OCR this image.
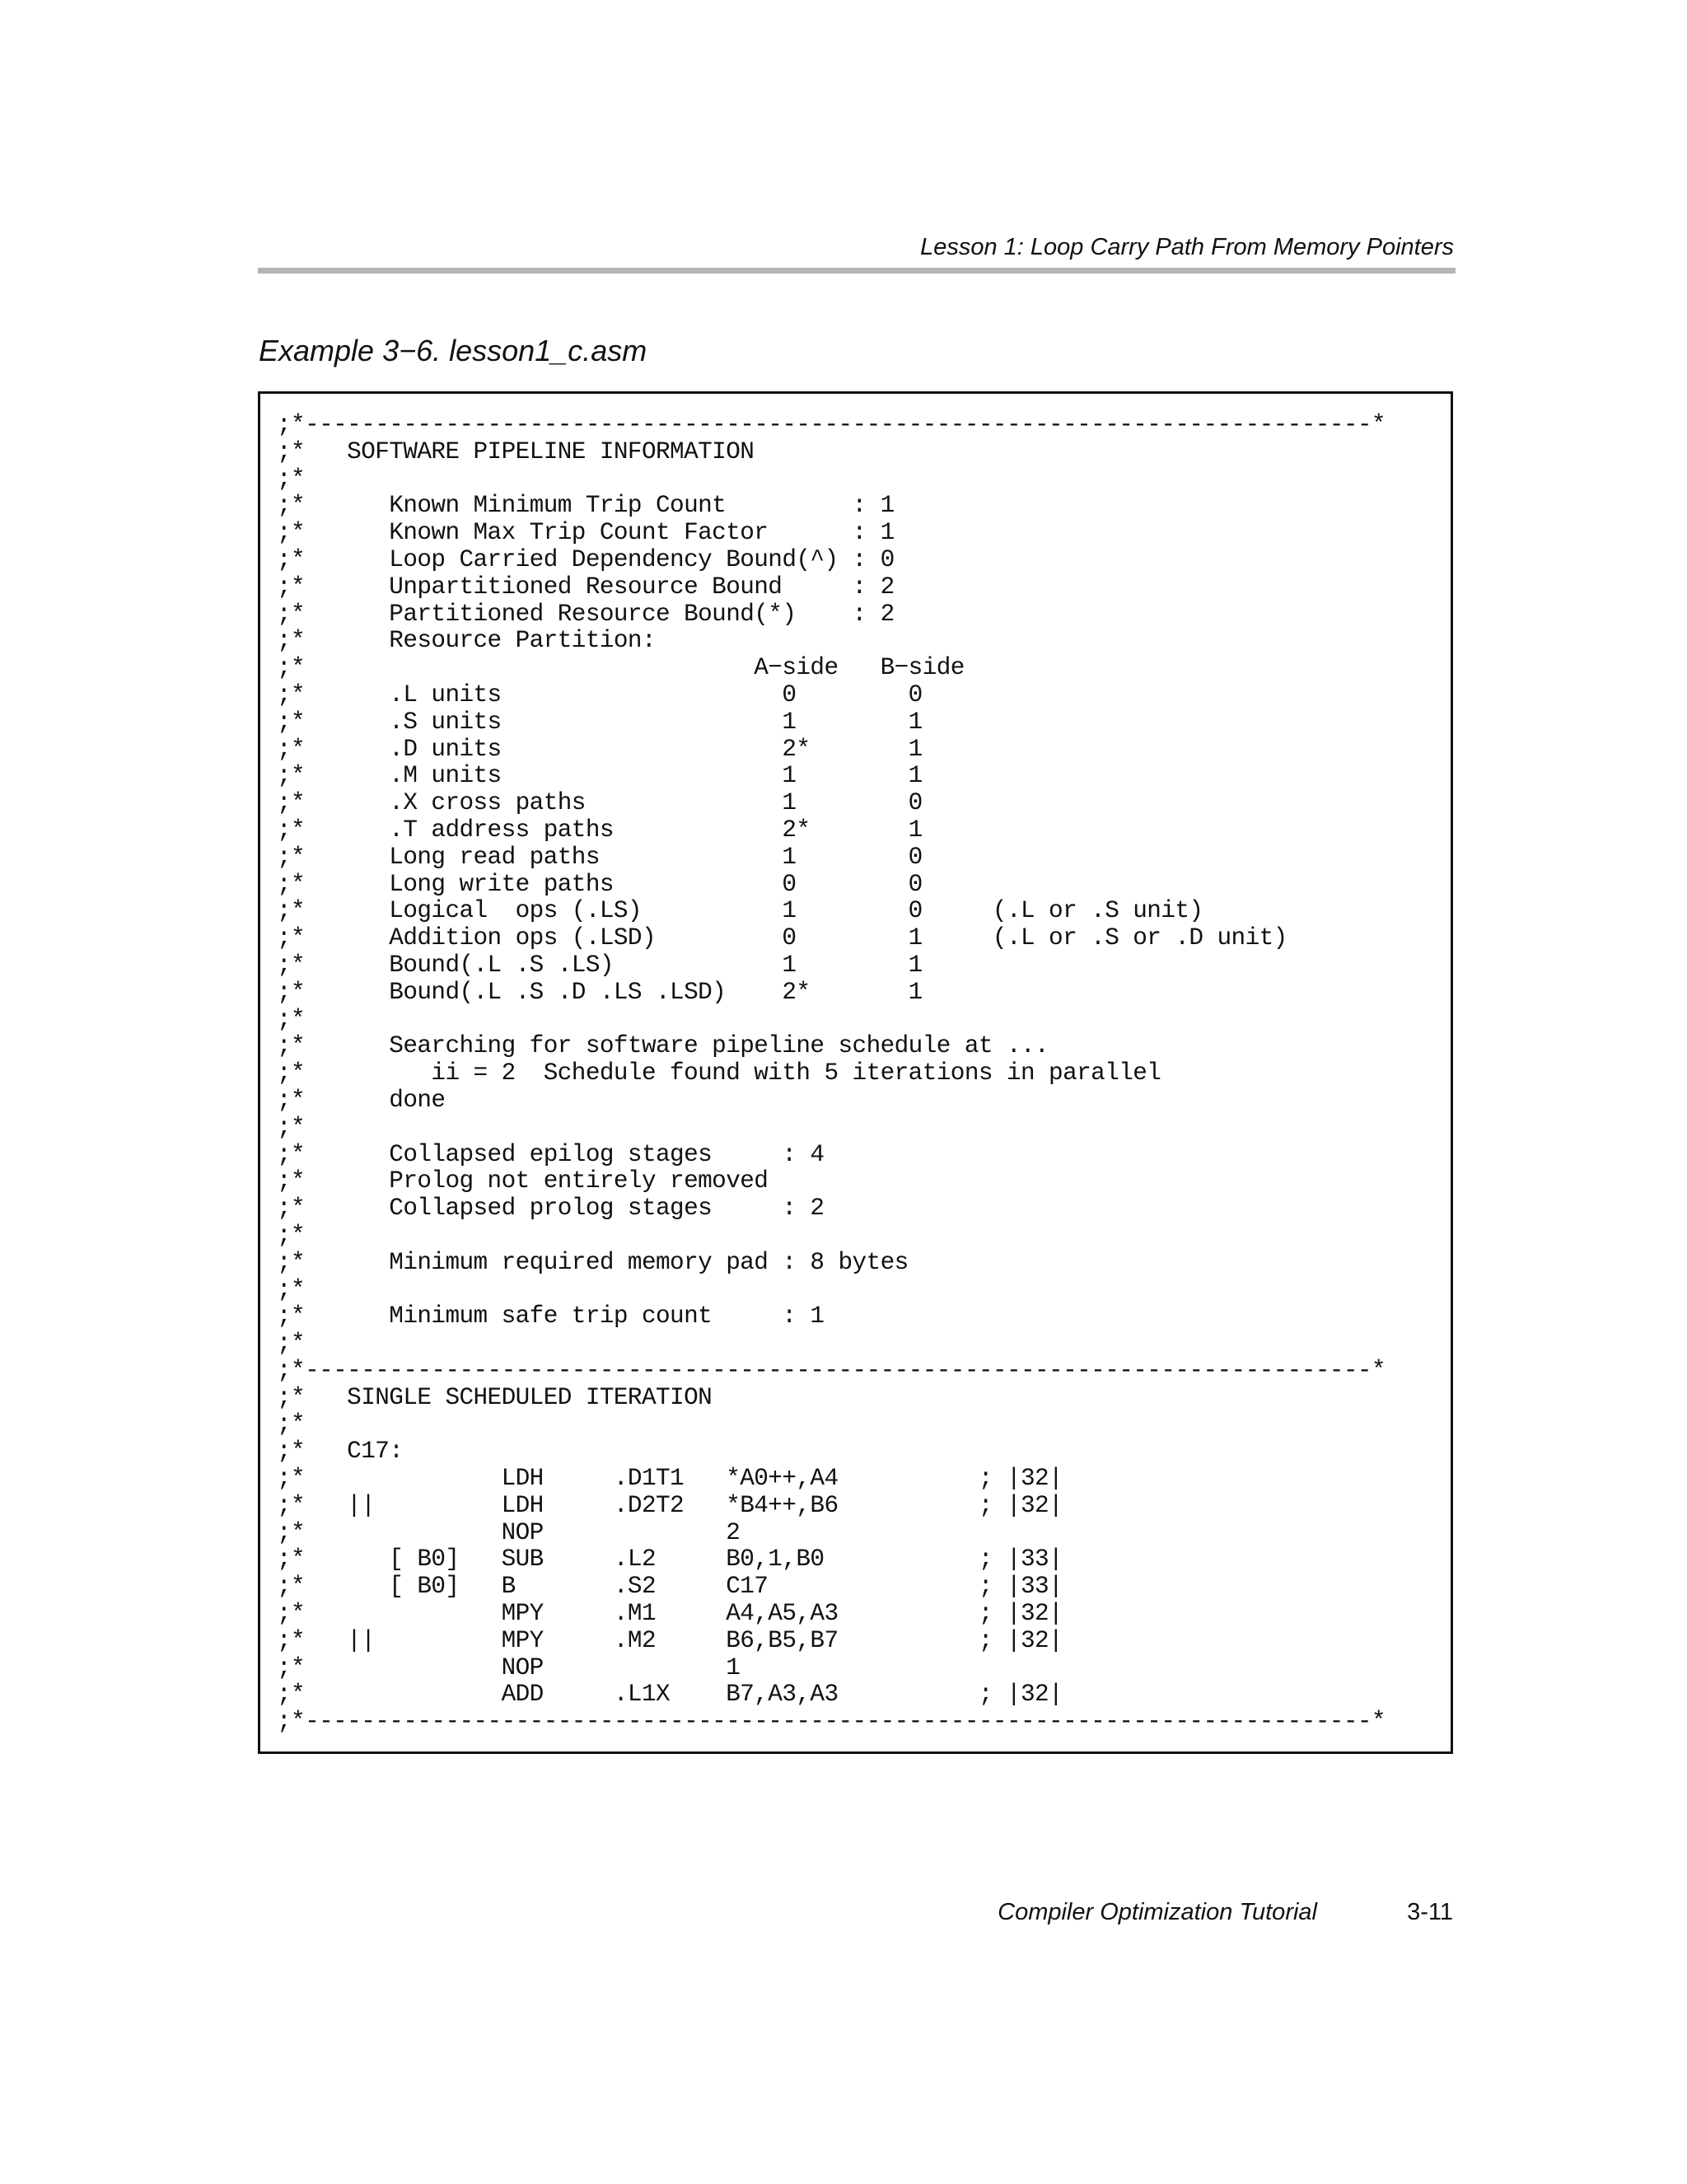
Lesson 1: Loop Carry Path From Memory Pointers
Example 3−6. lesson1_c.asm
;*----------------------------------------------------------------------------*
;*   SOFTWARE PIPELINE INFORMATION
;*
;*      Known Minimum Trip Count         : 1
;*      Known Max Trip Count Factor      : 1
;*      Loop Carried Dependency Bound(^) : 0
;*      Unpartitioned Resource Bound     : 2
;*      Partitioned Resource Bound(*)    : 2
;*      Resource Partition:
;*                                A−side   B−side
;*      .L units                    0        0
;*      .S units                    1        1
;*      .D units                    2*       1
;*      .M units                    1        1
;*      .X cross paths              1        0
;*      .T address paths            2*       1
;*      Long read paths             1        0
;*      Long write paths            0        0
;*      Logical  ops (.LS)          1        0     (.L or .S unit)
;*      Addition ops (.LSD)         0        1     (.L or .S or .D unit)
;*      Bound(.L .S .LS)            1        1
;*      Bound(.L .S .D .LS .LSD)    2*       1
;*
;*      Searching for software pipeline schedule at ...
;*         ii = 2  Schedule found with 5 iterations in parallel
;*      done
;*
;*      Collapsed epilog stages     : 4
;*      Prolog not entirely removed
;*      Collapsed prolog stages     : 2
;*
;*      Minimum required memory pad : 8 bytes
;*
;*      Minimum safe trip count     : 1
;*
;*----------------------------------------------------------------------------*
;*   SINGLE SCHEDULED ITERATION
;*
;*   C17:
;*              LDH     .D1T1   *A0++,A4          ; |32|
;*   ||         LDH     .D2T2   *B4++,B6          ; |32|
;*              NOP             2
;*      [ B0]   SUB     .L2     B0,1,B0           ; |33|
;*      [ B0]   B       .S2     C17               ; |33|
;*              MPY     .M1     A4,A5,A3          ; |32|
;*   ||         MPY     .M2     B6,B5,B7          ; |32|
;*              NOP             1
;*              ADD     .L1X    B7,A3,A3          ; |32|
;*----------------------------------------------------------------------------*
Compiler Optimization Tutorial	3-11
